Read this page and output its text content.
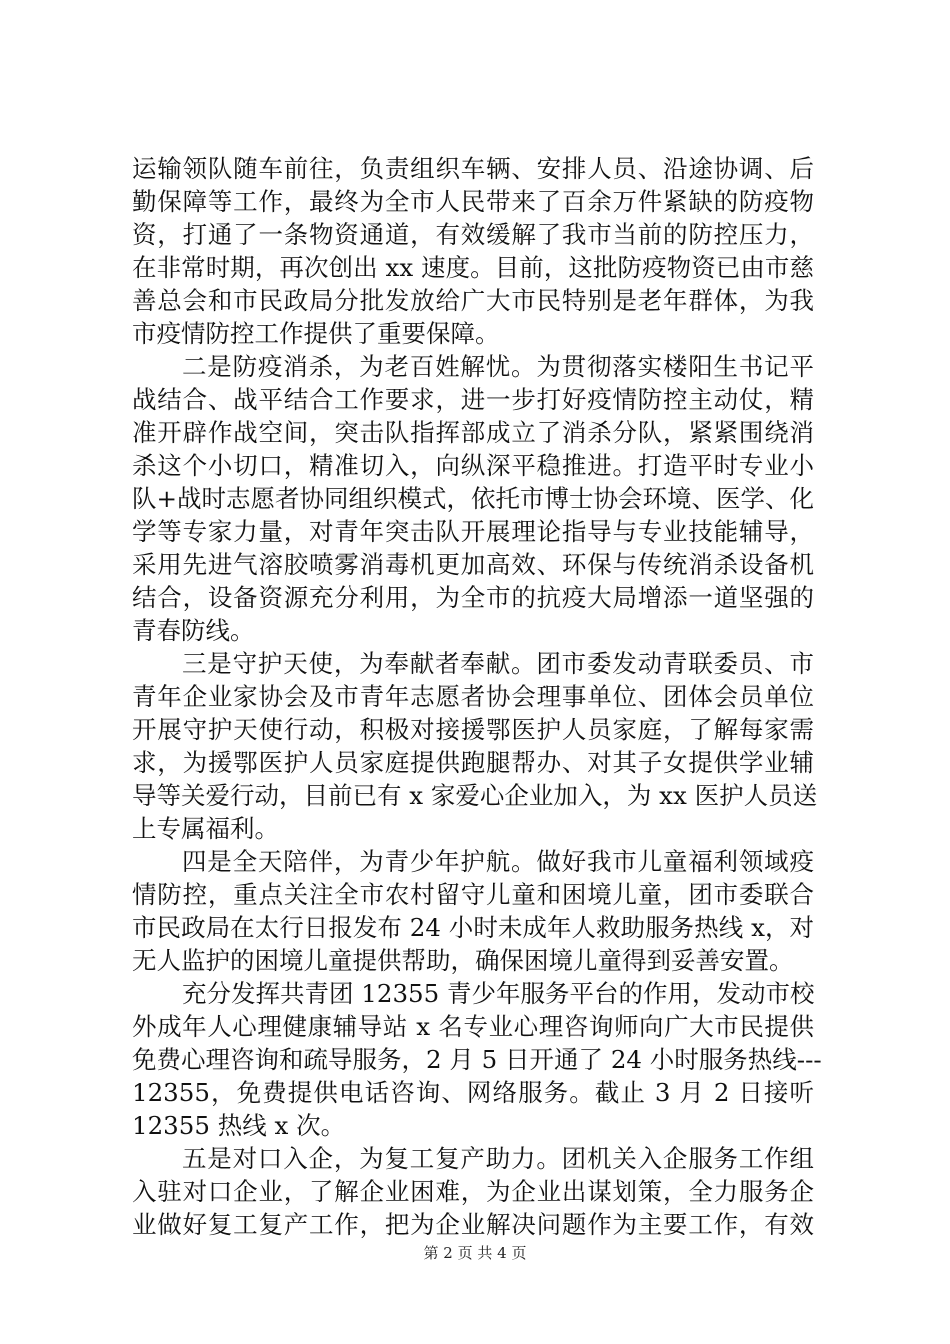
运输领队随车前往，负责组织车辆、安排人员、沿途协调、后
勤保障等工作，最终为全市人民带来了百余万件紧缺的防疫物
资，打通了一条物资通道，有效缓解了我市当前的防控压力，
在非常时期，再次创出 xx 速度。目前，这批防疫物资已由市慈
善总会和市民政局分批发放给广大市民特别是老年群体，为我
市疫情防控工作提供了重要保障。
二是防疫消杀，为老百姓解忧。为贯彻落实楼阳生书记平
战结合、战平结合工作要求，进一步打好疫情防控主动仗，精
准开辟作战空间，突击队指挥部成立了消杀分队，紧紧围绕消
杀这个小切口，精准切入，向纵深平稳推进。打造平时专业小
队+战时志愿者协同组织模式，依托市博士协会环境、医学、化
学等专家力量，对青年突击队开展理论指导与专业技能辅导，
采用先进气溶胶喷雾消毒机更加高效、环保与传统消杀设备机
结合，设备资源充分利用，为全市的抗疫大局增添一道坚强的
青春防线。
三是守护天使，为奉献者奉献。团市委发动青联委员、市
青年企业家协会及市青年志愿者协会理事单位、团体会员单位
开展守护天使行动，积极对接援鄂医护人员家庭，了解每家需
求，为援鄂医护人员家庭提供跑腿帮办、对其子女提供学业辅
导等关爱行动，目前已有 x 家爱心企业加入，为 xx 医护人员送
上专属福利。
四是全天陪伴，为青少年护航。做好我市儿童福利领域疫
情防控，重点关注全市农村留守儿童和困境儿童，团市委联合
市民政局在太行日报发布 24 小时未成年人救助服务热线 x，对
无人监护的困境儿童提供帮助，确保困境儿童得到妥善安置。
充分发挥共青团 12355 青少年服务平台的作用，发动市校
外成年人心理健康辅导站 x 名专业心理咨询师向广大市民提供
免费心理咨询和疏导服务，2 月 5 日开通了 24 小时服务热线---
12355，免费提供电话咨询、网络服务。截止 3 月 2 日接听
12355 热线 x 次。
五是对口入企，为复工复产助力。团机关入企服务工作组
入驻对口企业，了解企业困难，为企业出谋划策，全力服务企
业做好复工复产工作，把为企业解决问题作为主要工作，有效
第 2 页 共 4 页
